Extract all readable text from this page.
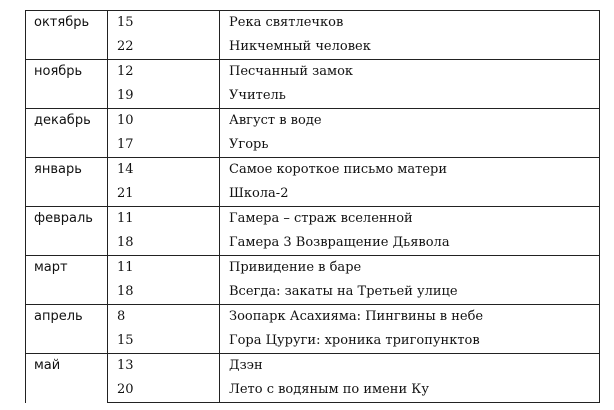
октябрь	15	Река святлечков
	22	Никчемный человек
ноябрь	12	Песчанный замок
	19	Учитель
декабрь	10	Август в воде
	17	Угорь
январь	14	Самое короткое письмо матери
	21	Школа-2
февраль	11	Гамера – страж вселенной
	18	Гамера 3 Возвращение Дьявола
март	11	Привидение в баре
	18	Всегда: закаты на Третьей улице
апрель	8	Зоопарк Асахияма: Пингвины в небе
	15	Гора Цуруги: хроника тригопунктов
май	13	Дзэн
	20	Лето с водяным по имени Ку
